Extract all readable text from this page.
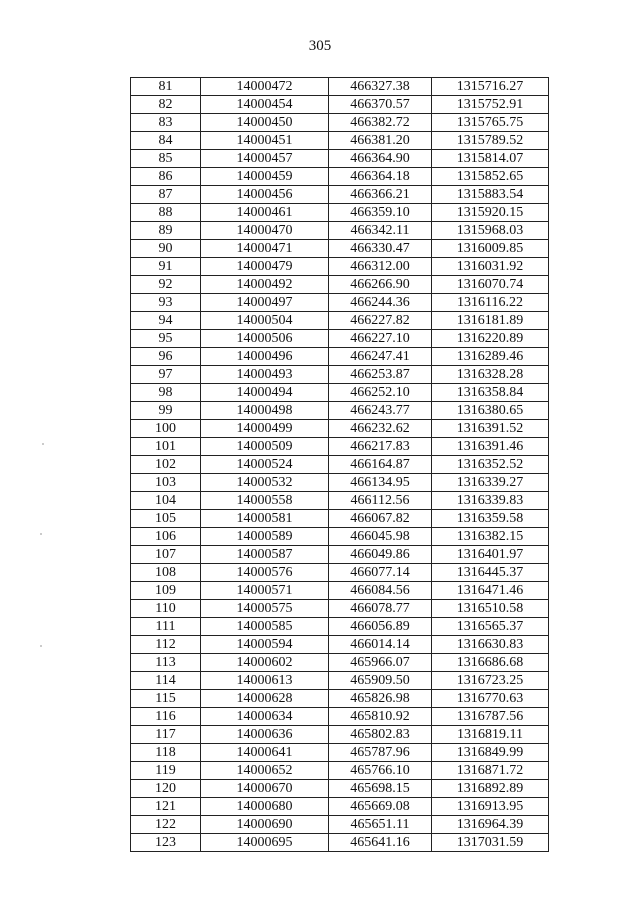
305
81	14000472	466327.38	1315716.27
82	14000454	466370.57	1315752.91
83	14000450	466382.72	1315765.75
84	14000451	466381.20	1315789.52
85	14000457	466364.90	1315814.07
86	14000459	466364.18	1315852.65
87	14000456	466366.21	1315883.54
88	14000461	466359.10	1315920.15
89	14000470	466342.11	1315968.03
90	14000471	466330.47	1316009.85
91	14000479	466312.00	1316031.92
92	14000492	466266.90	1316070.74
93	14000497	466244.36	1316116.22
94	14000504	466227.82	1316181.89
95	14000506	466227.10	1316220.89
96	14000496	466247.41	1316289.46
97	14000493	466253.87	1316328.28
98	14000494	466252.10	1316358.84
99	14000498	466243.77	1316380.65
100	14000499	466232.62	1316391.52
101	14000509	466217.83	1316391.46
102	14000524	466164.87	1316352.52
103	14000532	466134.95	1316339.27
104	14000558	466112.56	1316339.83
105	14000581	466067.82	1316359.58
106	14000589	466045.98	1316382.15
107	14000587	466049.86	1316401.97
108	14000576	466077.14	1316445.37
109	14000571	466084.56	1316471.46
110	14000575	466078.77	1316510.58
111	14000585	466056.89	1316565.37
112	14000594	466014.14	1316630.83
113	14000602	465966.07	1316686.68
114	14000613	465909.50	1316723.25
115	14000628	465826.98	1316770.63
116	14000634	465810.92	1316787.56
117	14000636	465802.83	1316819.11
118	14000641	465787.96	1316849.99
119	14000652	465766.10	1316871.72
120	14000670	465698.15	1316892.89
121	14000680	465669.08	1316913.95
122	14000690	465651.11	1316964.39
123	14000695	465641.16	1317031.59
